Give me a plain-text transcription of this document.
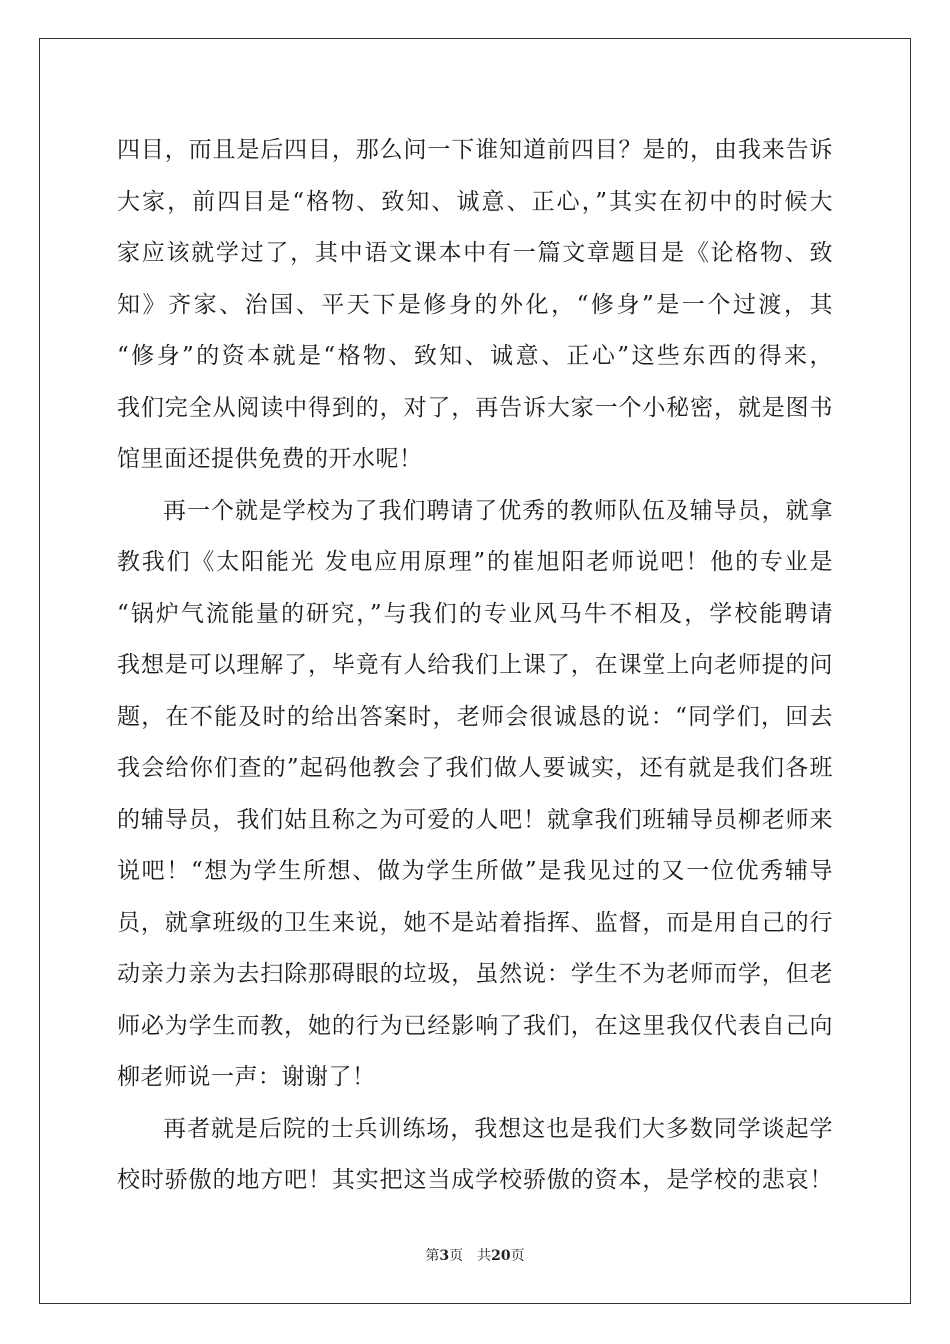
四目，而且是后四目，那么问一下谁知道前四目？是的，由我来告诉
大家，前四目是“格物、致知、诚意、正心，”其实在初中的时候大
家应该就学过了，其中语文课本中有一篇文章题目是《论格物、致
知》齐家、治国、平天下是修身的外化，“修身”是一个过渡，其
“修身”的资本就是“格物、致知、诚意、正心”这些东西的得来，
我们完全从阅读中得到的，对了，再告诉大家一个小秘密，就是图书
馆里面还提供免费的开水呢！
再一个就是学校为了我们聘请了优秀的教师队伍及辅导员，就拿
教我们《太阳能光 发电应用原理”的崔旭阳老师说吧！他的专业是
“锅炉气流能量的研究，”与我们的专业风马牛不相及，学校能聘请
我想是可以理解了，毕竟有人给我们上课了，在课堂上向老师提的问
题，在不能及时的给出答案时，老师会很诚恳的说：“同学们，回去
我会给你们查的”起码他教会了我们做人要诚实，还有就是我们各班
的辅导员，我们姑且称之为可爱的人吧！就拿我们班辅导员柳老师来
说吧！“想为学生所想、做为学生所做”是我见过的又一位优秀辅导
员，就拿班级的卫生来说，她不是站着指挥、监督，而是用自己的行
动亲力亲为去扫除那碍眼的垃圾，虽然说：学生不为老师而学，但老
师必为学生而教，她的行为已经影响了我们，在这里我仅代表自己向
柳老师说一声：谢谢了！
再者就是后院的士兵训练场，我想这也是我们大多数同学谈起学
校时骄傲的地方吧！其实把这当成学校骄傲的资本，是学校的悲哀！
第3页 共20页
